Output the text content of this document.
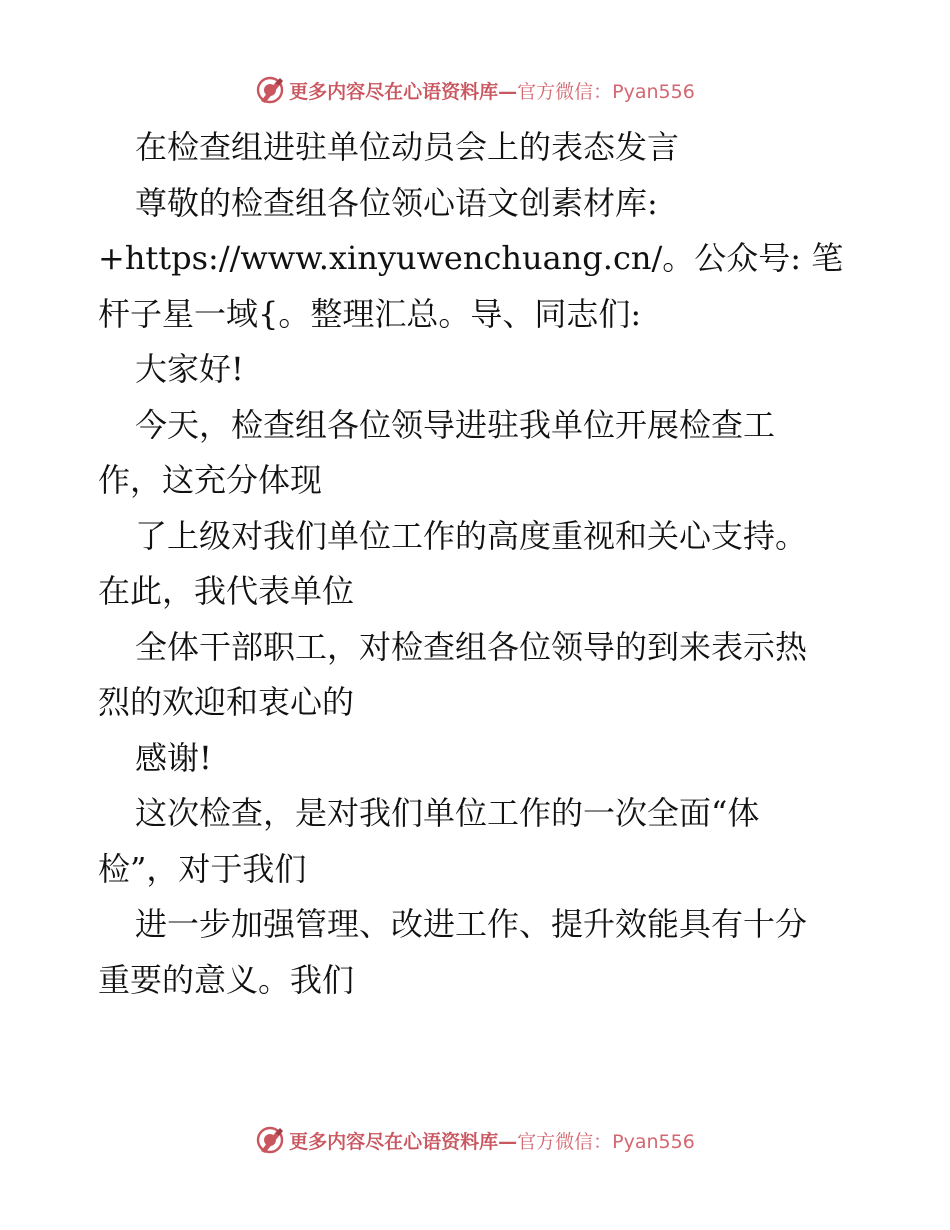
更多内容尽在心语资料库— 官方微信：Pyan556
在检查组进驻单位动员会上的表态发言
尊敬的检查组各位领心语文创素材库:
+https://www.xinyuwenchuang.cn/。公众号: 笔
杆子星一域{。整理汇总。导、同志们:
大家好!
今天，检查组各位领导进驻我单位开展检查工
作，这充分体现
了上级对我们单位工作的高度重视和关心支持。
在此，我代表单位
全体干部职工，对检查组各位领导的到来表示热
烈的欢迎和衷心的
感谢!
这次检查，是对我们单位工作的一次全面“体
检”，对于我们
进一步加强管理、改进工作、提升效能具有十分
重要的意义。我们
更多内容尽在心语资料库— 官方微信：Pyan556
